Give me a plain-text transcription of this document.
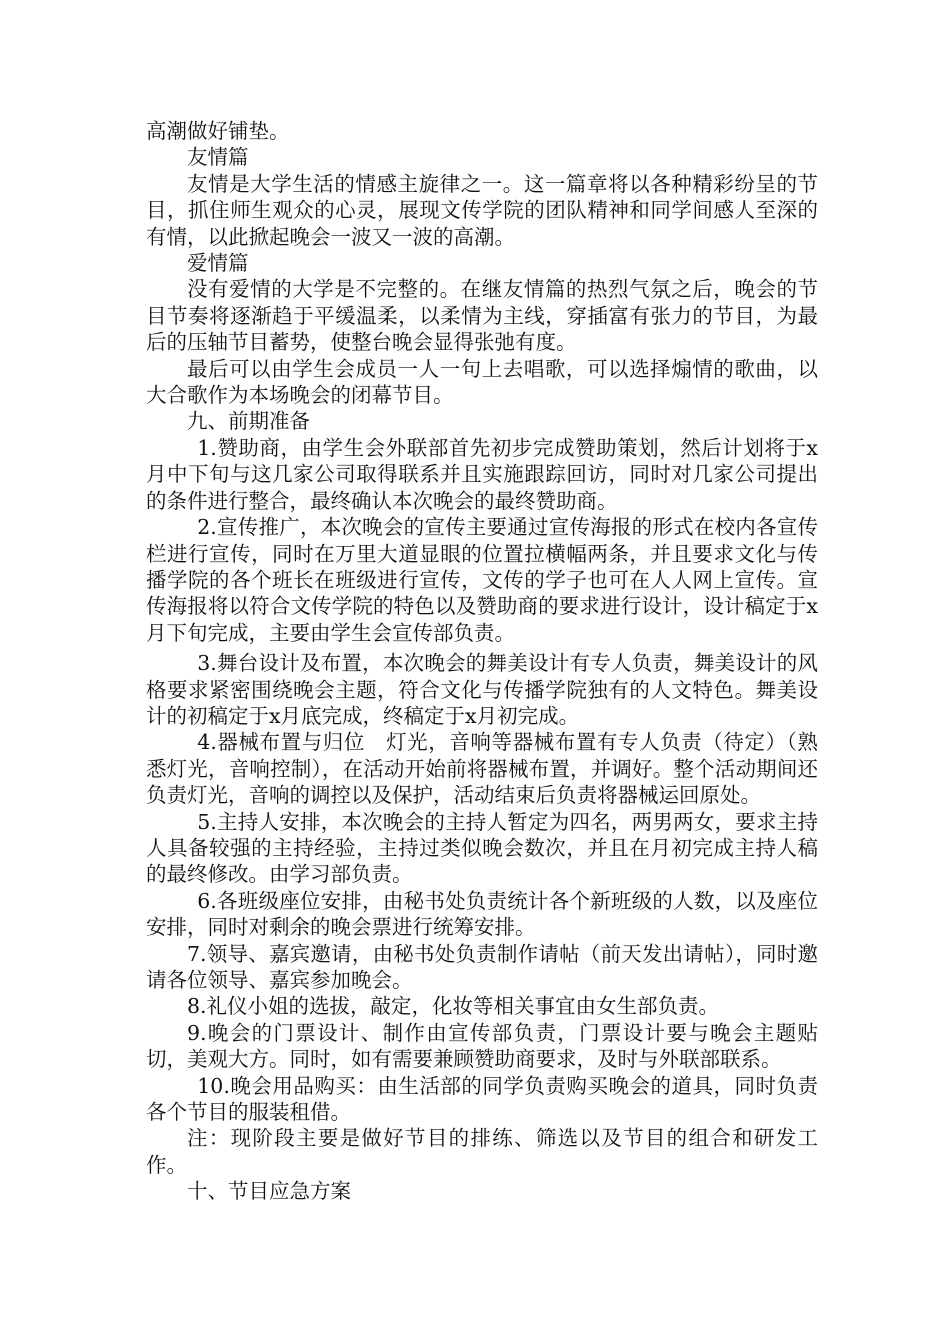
高潮做好铺垫。

友情篇

友情是大学生活的情感主旋律之一。这一篇章将以各种精彩纷呈的节目，抓住师生观众的心灵，展现文传学院的团队精神和同学间感人至深的有情，以此掀起晚会一波又一波的高潮。

爱情篇

没有爱情的大学是不完整的。在继友情篇的热烈气氛之后，晚会的节目节奏将逐渐趋于平缓温柔，以柔情为主线，穿插富有张力的节目，为最后的压轴节目蓄势，使整台晚会显得张弛有度。

最后可以由学生会成员一人一句上去唱歌，可以选择煽情的歌曲，以大合歌作为本场晚会的闭幕节目。

九、前期准备

1.赞助商，由学生会外联部首先初步完成赞助策划，然后计划将于x月中下旬与这几家公司取得联系并且实施跟踪回访，同时对几家公司提出的条件进行整合，最终确认本次晚会的最终赞助商。

2.宣传推广，本次晚会的宣传主要通过宣传海报的形式在校内各宣传栏进行宣传，同时在万里大道显眼的位置拉横幅两条，并且要求文化与传播学院的各个班长在班级进行宣传，文传的学子也可在人人网上宣传。宣传海报将以符合文传学院的特色以及赞助商的要求进行设计，设计稿定于x月下旬完成，主要由学生会宣传部负责。

3.舞台设计及布置，本次晚会的舞美设计有专人负责，舞美设计的风格要求紧密围绕晚会主题，符合文化与传播学院独有的人文特色。舞美设计的初稿定于x月底完成，终稿定于x月初完成。

4.器械布置与归位　灯光，音响等器械布置有专人负责（待定）（熟悉灯光，音响控制），在活动开始前将器械布置，并调好。整个活动期间还负责灯光，音响的调控以及保护，活动结束后负责将器械运回原处。

5.主持人安排，本次晚会的主持人暂定为四名，两男两女，要求主持人具备较强的主持经验，主持过类似晚会数次，并且在月初完成主持人稿的最终修改。由学习部负责。

6.各班级座位安排，由秘书处负责统计各个新班级的人数，以及座位安排，同时对剩余的晚会票进行统筹安排。

7.领导、嘉宾邀请，由秘书处负责制作请帖（前天发出请帖），同时邀请各位领导、嘉宾参加晚会。

8.礼仪小姐的选拔，敲定，化妆等相关事宜由女生部负责。

9.晚会的门票设计、制作由宣传部负责，门票设计要与晚会主题贴切，美观大方。同时，如有需要兼顾赞助商要求，及时与外联部联系。

10.晚会用品购买：由生活部的同学负责购买晚会的道具，同时负责各个节目的服装租借。

注：现阶段主要是做好节目的排练、筛选以及节目的组合和研发工作。

十、节目应急方案
